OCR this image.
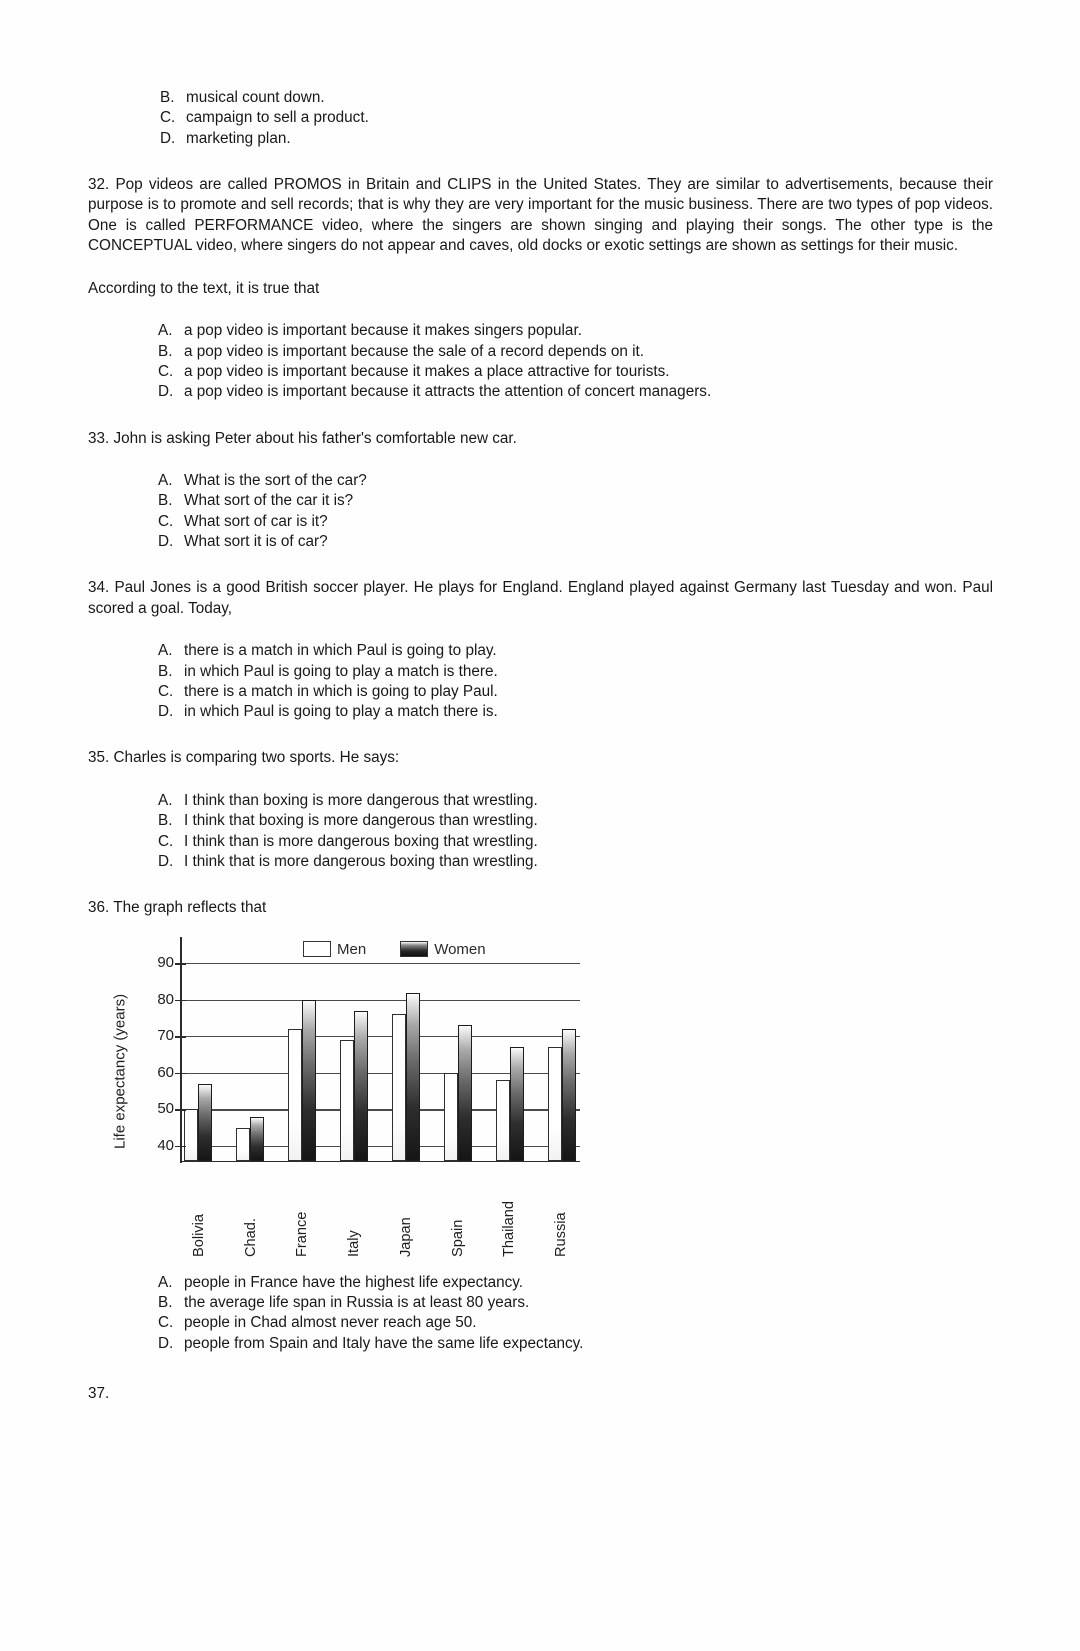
B. musical count down.
C. campaign to sell a product.
D. marketing plan.

32. Pop videos are called PROMOS in Britain and CLIPS in the United States. They are similar to advertisements, because their purpose is to promote and sell records; that is why they are very important for the music business. There are two types of pop videos. One is called PERFORMANCE video, where the singers are shown singing and playing their songs. The other type is the CONCEPTUAL video, where singers do not appear and caves, old docks or exotic settings are shown as settings for their music.

According to the text, it is true that

A. a pop video is important because it makes singers popular.
B. a pop video is important because the sale of a record depends on it.
C. a pop video is important because it makes a place attractive for tourists.
D. a pop video is important because it attracts the attention of concert managers.

33. John is asking Peter about his father's comfortable new car.

A. What is the sort of the car?
B. What sort of the car it is?
C. What sort of car is it?
D. What sort it is of car?

34. Paul Jones is a good British soccer player. He plays for England. England played against Germany last Tuesday and won. Paul scored a goal. Today,

A. there is a match in which Paul is going to play.
B. in which Paul is going to play a match is there.
C. there is a match in which is going to play Paul.
D. in which Paul is going to play a match there is.

35. Charles is comparing two sports. He says:

A. I think than boxing is more dangerous that wrestling.
B. I think that boxing is more dangerous than wrestling.
C. I think than is more dangerous boxing that wrestling.
D. I think that is more dangerous boxing than wrestling.

36. The graph reflects that

Men	Women
Life expectancy (years)	40
50
60
70
80
90
Bolivia Chad. France Italy Japan Spain Thailand Russia
A. people in France have the highest life expectancy.
B. the average life span in Russia is at least 80 years.
C. people in Chad almost never reach age 50.
D. people from Spain and Italy have the same life expectancy.

37.
